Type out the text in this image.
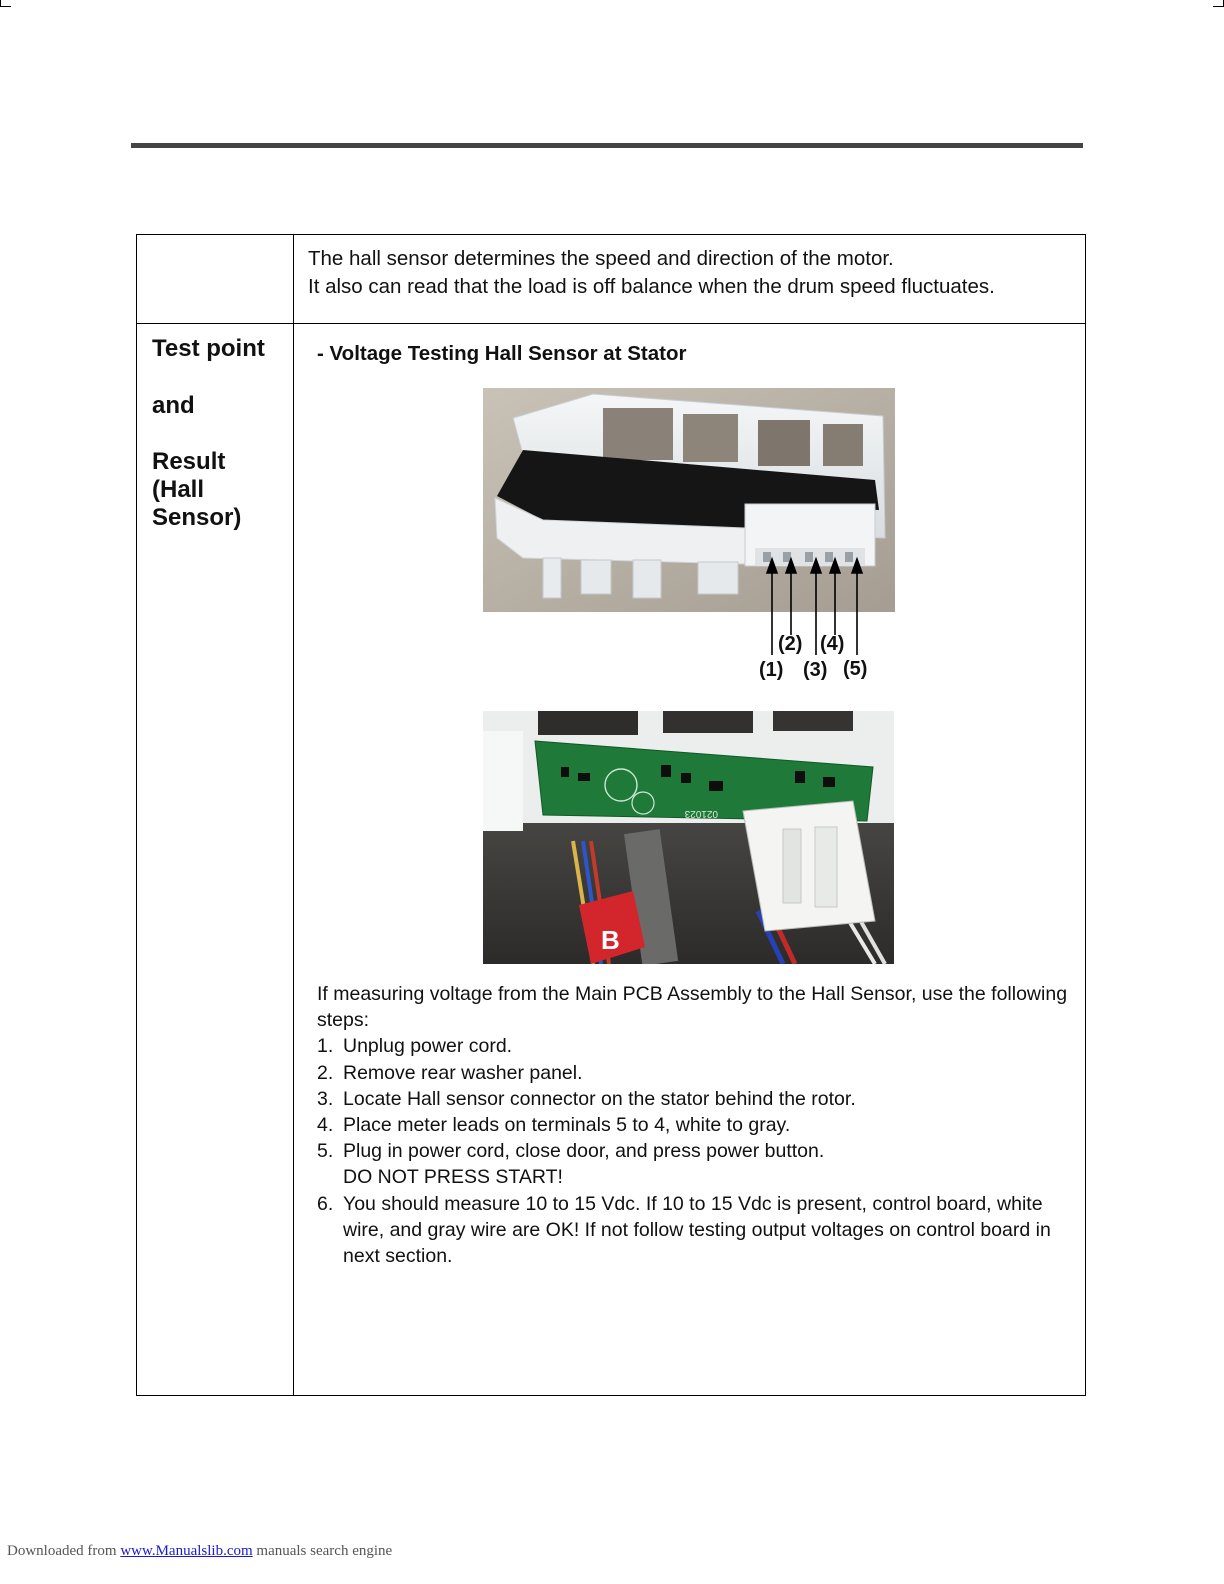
The hall sensor determines the speed and direction of the motor.
It also can read that the load is off balance when the drum speed fluctuates.
Test point
and
Result (Hall Sensor)
- Voltage Testing Hall Sensor at Stator
(1)
(2)
(3)
(4)
(5)
021023
B
If measuring voltage from the Main PCB Assembly to the Hall Sensor, use the following steps:
1. Unplug power cord.
2. Remove rear washer panel.
3. Locate Hall sensor connector on the stator behind the rotor.
4. Place meter leads on terminals 5 to 4, white to gray.
5. Plug in power cord, close door, and press power button.
DO NOT PRESS START!
6. You should measure 10 to 15 Vdc. If 10 to 15 Vdc is present, control board, white wire, and gray wire are OK! If not follow testing output voltages on control board in next section.
Downloaded from www.Manualslib.com manuals search engine
